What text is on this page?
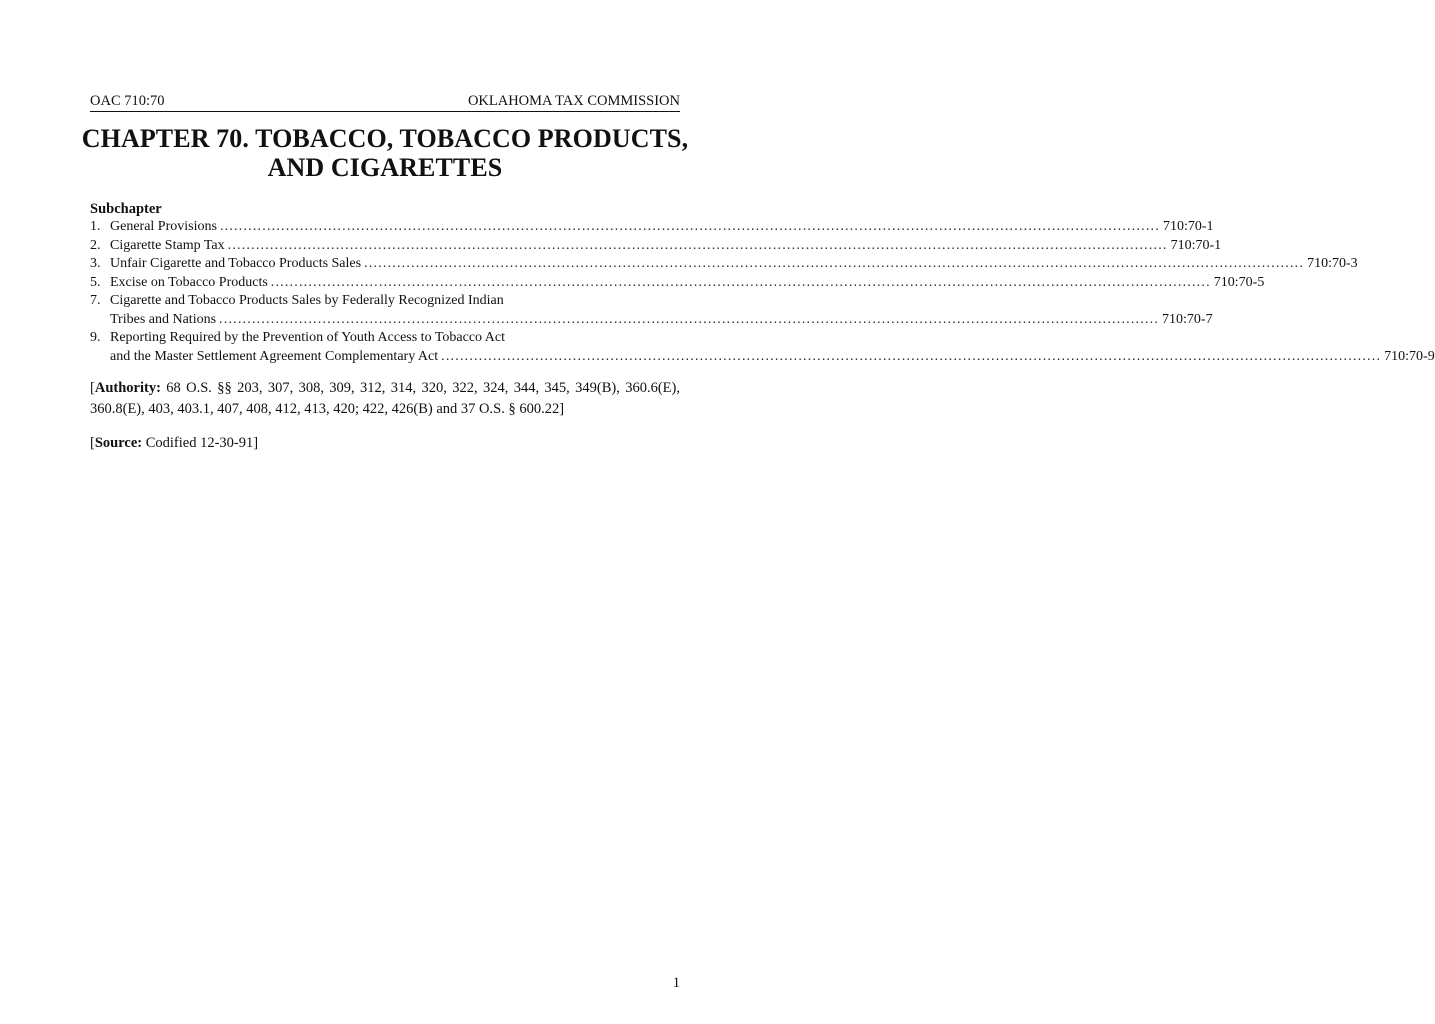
OAC 710:70	OKLAHOMA TAX COMMISSION
CHAPTER 70. TOBACCO, TOBACCO PRODUCTS,
AND CIGARETTES
Subchapter
1. General Provisions ........................................................................................................................................................................................................ 710:70-1
2. Cigarette Stamp Tax ........................................................................................................................................................................................................ 710:70-1
3. Unfair Cigarette and Tobacco Products Sales ........................................................................................................................................................................................................ 710:70-3
5. Excise on Tobacco Products ........................................................................................................................................................................................................ 710:70-5
7. Cigarette and Tobacco Products Sales by Federally Recognized Indian
Tribes and Nations ........................................................................................................................................................................................................ 710:70-7
9. Reporting Required by the Prevention of Youth Access to Tobacco Act
and the Master Settlement Agreement Complementary Act ........................................................................................................................................................................................................ 710:70-9
[Authority: 68 O.S. §§ 203, 307, 308, 309, 312, 314, 320, 322, 324, 344, 345, 349(B), 360.6(E), 360.8(E), 403, 403.1, 407, 408, 412, 413, 420; 422, 426(B) and 37 O.S. § 600.22]
[Source: Codified 12-30-91]
1
